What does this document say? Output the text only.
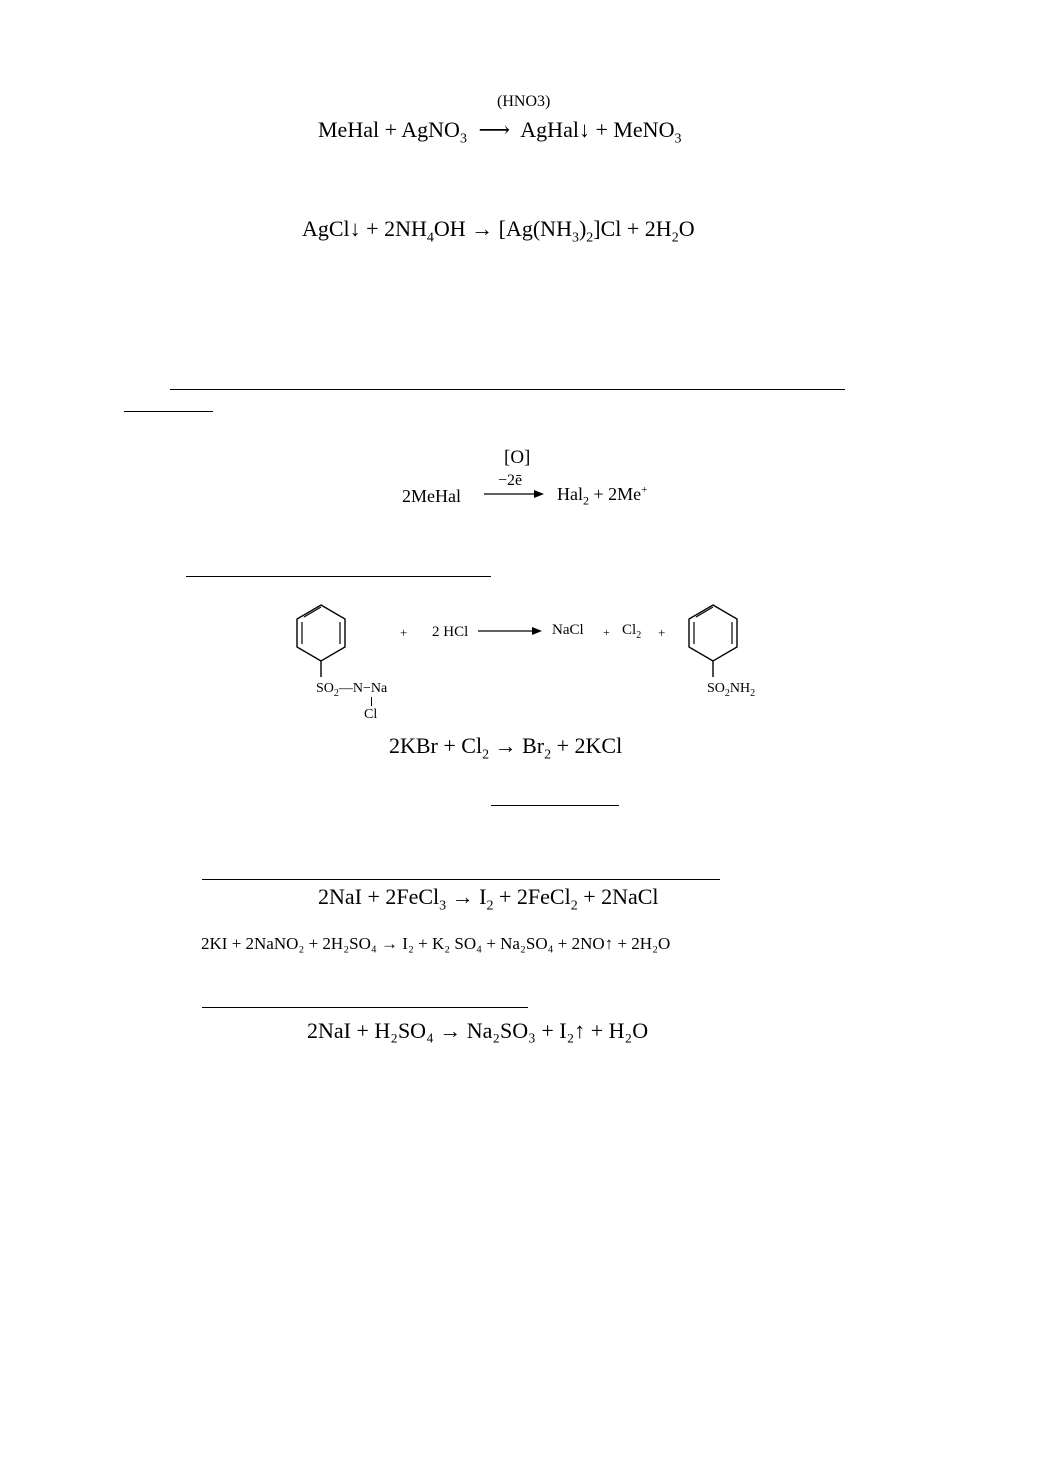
(HNO3)
MeHal + AgNO$_3$ ⟶ AgHal↓ + MeNO$_3$
AgCl↓ + $2NH_4OH \to [Ag(NH_3)_2]Cl + 2H_2O$
[O]
−2ē
2MeHal	Hal$_2$ + 2Me+
$SO_2—N-Na$
Cl
+ 2 HCl	NaCl + $Cl_2$ +
$SO_2NH_2$
$2KBr + Cl_2 \to Br_2 + 2KCl$
2NaI + 2FeCl$_3$ → $I_2$ + 2FeCl$_2$ + 2NaCl
2KI + 2NaNO₂ + 2H₂SO₄ → I₂ + K₂ SO₄ + Na₂SO₄ + 2NO↑ + 2H₂O
2NaI + H₂SO₄ → Na₂SO₃ + I₂↑ + H₂O
